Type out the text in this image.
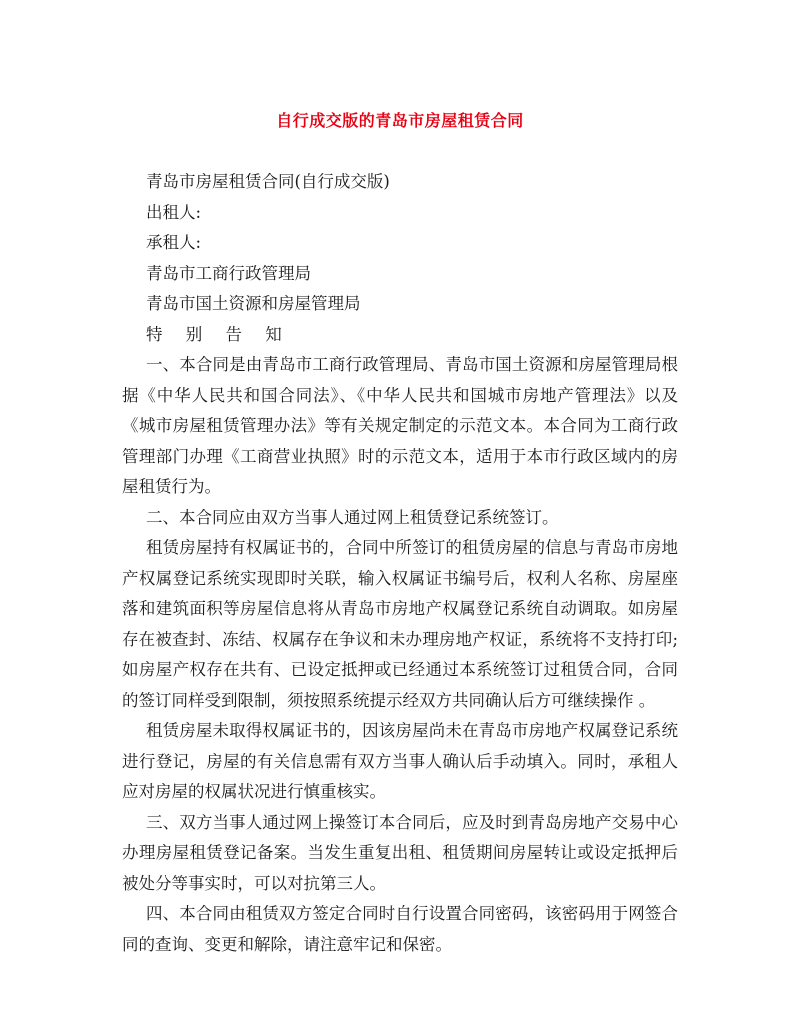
自行成交版的青岛市房屋租赁合同
青岛市房屋租赁合同(自行成交版)
出租人:
承租人:
青岛市工商行政管理局
青岛市国土资源和房屋管理局
特 别 告 知
一、本合同是由青岛市工商行政管理局、青岛市国土资源和房屋管理局根据《中华人民共和国合同法》、《中华人民共和国城市房地产管理法》以及《城市房屋租赁管理办法》等有关规定制定的示范文本。本合同为工商行政管理部门办理《工商营业执照》时的示范文本，适用于本市行政区域内的房屋租赁行为。
二、本合同应由双方当事人通过网上租赁登记系统签订。
租赁房屋持有权属证书的，合同中所签订的租赁房屋的信息与青岛市房地产权属登记系统实现即时关联，输入权属证书编号后，权利人名称、房屋座落和建筑面积等房屋信息将从青岛市房地产权属登记系统自动调取。如房屋存在被查封、冻结、权属存在争议和未办理房地产权证，系统将不支持打印;如房屋产权存在共有、已设定抵押或已经通过本系统签订过租赁合同，合同的签订同样受到限制，须按照系统提示经双方共同确认后方可继续操作 。
租赁房屋未取得权属证书的，因该房屋尚未在青岛市房地产权属登记系统进行登记，房屋的有关信息需有双方当事人确认后手动填入。同时，承租人应对房屋的权属状况进行慎重核实。
三、双方当事人通过网上操签订本合同后，应及时到青岛房地产交易中心办理房屋租赁登记备案。当发生重复出租、租赁期间房屋转让或设定抵押后被处分等事实时，可以对抗第三人。
四、本合同由租赁双方签定合同时自行设置合同密码，该密码用于网签合同的查询、变更和解除，请注意牢记和保密。
